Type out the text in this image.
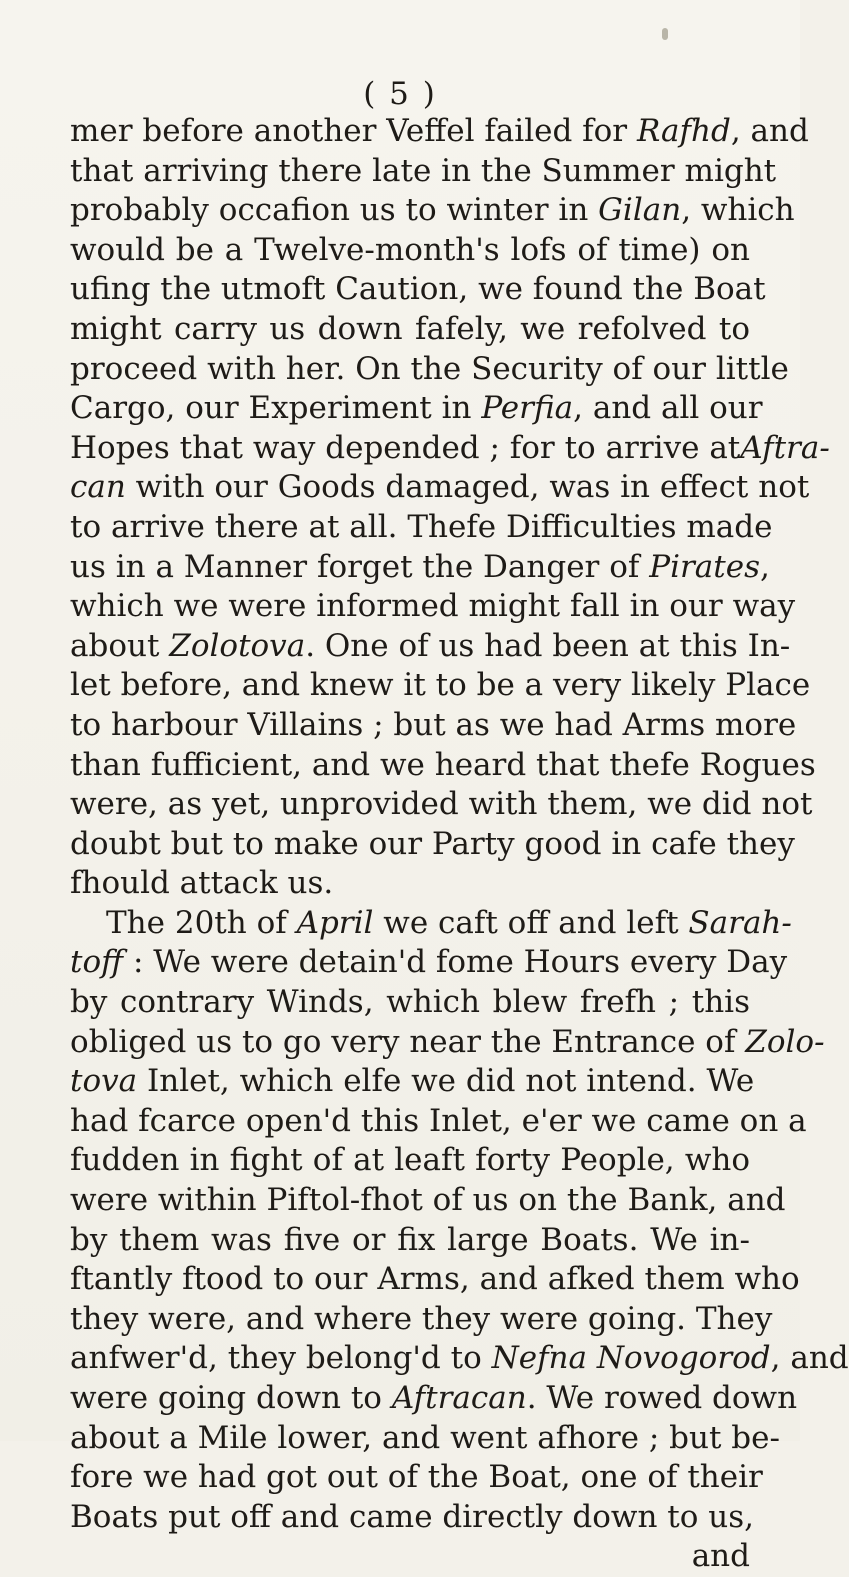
( 5 )
mer before another Veffel failed for Rafhd, and
that arriving there late in the Summer might
probably occafion us to winter in Gilan, which
would be a Twelve-month's lofs of time) on
ufing the utmoft Caution, we found the Boat
might carry us down fafely, we refolved to
proceed with her. On the Security of our little
Cargo, our Experiment in Perfia, and all our
Hopes that way depended ; for to arrive atAftra-
can with our Goods damaged, was in effect not
to arrive there at all. Thefe Difficulties made
us in a Manner forget the Danger of Pirates,
which we were informed might fall in our way
about Zolotova. One of us had been at this In-
let before, and knew it to be a very likely Place
to harbour Villains ; but as we had Arms more
than fufficient, and we heard that thefe Rogues
were, as yet, unprovided with them, we did not
doubt but to make our Party good in cafe they
fhould attack us.
The 20th of April we caft off and left Sarah-
toff : We were detain'd fome Hours every Day
by contrary Winds, which blew frefh ; this
obliged us to go very near the Entrance of Zolo-
tova Inlet, which elfe we did not intend. We
had fcarce open'd this Inlet, e'er we came on a
fudden in fight of at leaft forty People, who
were within Piftol-fhot of us on the Bank, and
by them was five or fix large Boats. We in-
ftantly ftood to our Arms, and afked them who
they were, and where they were going. They
anfwer'd, they belong'd to Nefna Novogorod, and
were going down to Aftracan. We rowed down
about a Mile lower, and went afhore ; but be-
fore we had got out of the Boat, one of their
Boats put off and came directly down to us,
and
